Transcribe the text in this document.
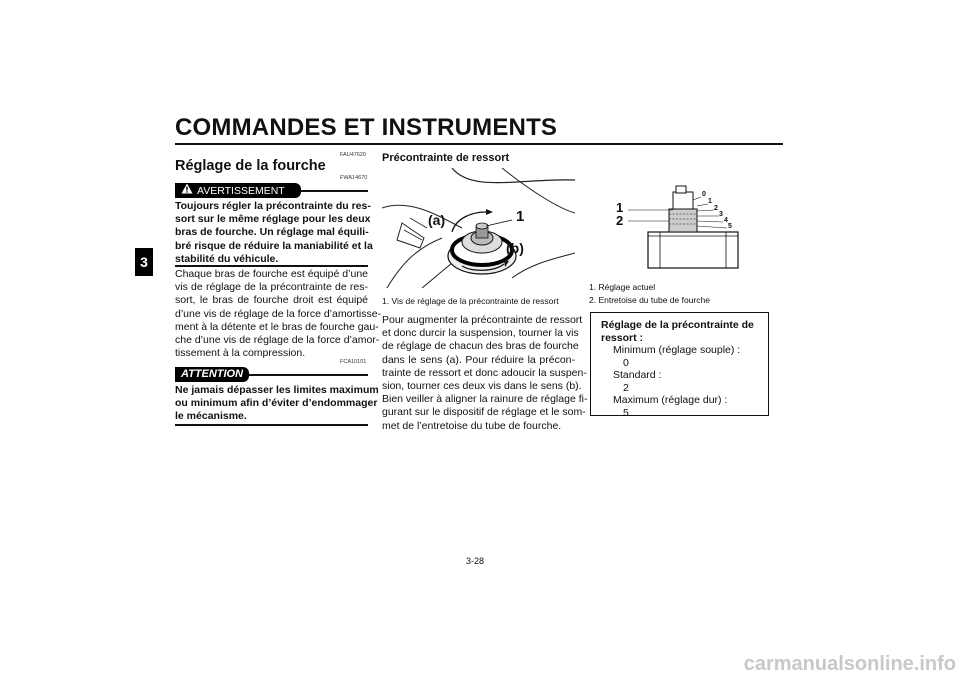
COMMANDES ET INSTRUMENTS
3
FAU47620
Réglage de la fourche
AVERTISSEMENT
FWA14670
Toujours régler la précontrainte du res-
sort sur le même réglage pour les deux
bras de fourche. Un réglage mal équili-
bré risque de réduire la maniabilité et la
stabilité du véhicule.
Chaque bras de fourche est équipé d’une
vis de réglage de la précontrainte de res-
sort, le bras de fourche droit est équipé
d’une vis de réglage de la force d’amortisse-
ment à la détente et le bras de fourche gau-
che d’une vis de réglage de la force d’amor-
tissement à la compression.
FCA10101
ATTENTION
Ne jamais dépasser les limites maximum
ou minimum afin d’éviter d’endommager
le mécanisme.
Précontrainte de ressort
(a)	1
(b)
1. Vis de réglage de la précontrainte de ressort
Pour augmenter la précontrainte de ressort
et donc durcir la suspension, tourner la vis
de réglage de chacun des bras de fourche
dans le sens (a). Pour réduire la précon-
trainte de ressort et donc adoucir la suspen-
sion, tourner ces deux vis dans le sens (b).
Bien veiller à aligner la rainure de réglage fi-
gurant sur le dispositif de réglage et le som-
met de l’entretoise du tube de fourche.
1
2
0
1
2
3
4
5
1. Réglage actuel
2. Entretoise du tube de fourche
Réglage de la précontrainte de
ressort :
Minimum (réglage souple) :
0
Standard :
2
Maximum (réglage dur) :
5
3-28
carmanualsonline.info
